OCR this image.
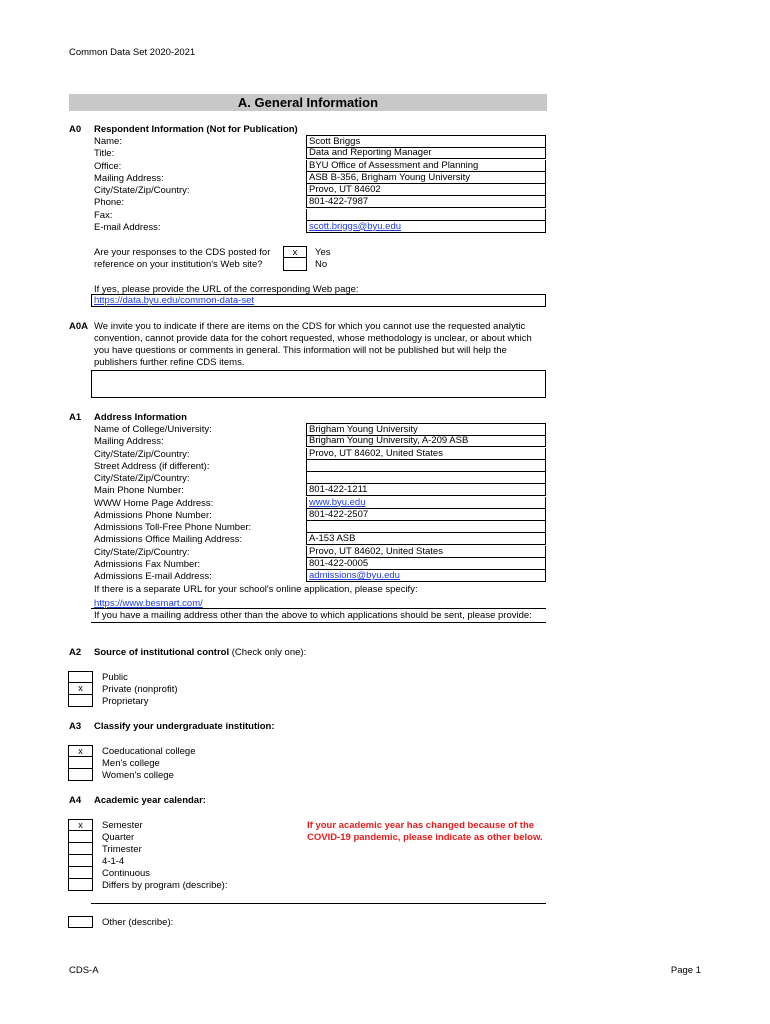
Common Data Set 2020-2021
A. General Information
A0 Respondent Information (Not for Publication)
Name:	Scott Briggs
Title:	Data and Reporting Manager
Office:	BYU Office of Assessment and Planning
Mailing Address:	ASB B-356, Brigham Young University
City/State/Zip/Country:	Provo, UT 84602
Phone:	801-422-7987
Fax:
E-mail Address:	scott.briggs@byu.edu
Are your responses to the CDS posted for
reference on your institution's Web site?
x	Yes
No
If yes, please provide the URL of the corresponding Web page:
https://data.byu.edu/common-data-set
A0A We invite you to indicate if there are items on the CDS for which you cannot use the requested analytic
convention, cannot provide data for the cohort requested, whose methodology is unclear, or about which
you have questions or comments in general. This information will not be published but will help the
publishers further refine CDS items.
A1 Address Information
Name of College/University:	Brigham Young University
Mailing Address:	Brigham Young University, A-209 ASB
City/State/Zip/Country:	Provo, UT 84602, United States
Street Address (if different):
City/State/Zip/Country:
Main Phone Number:	801-422-1211
WWW Home Page Address:	www.byu.edu
Admissions Phone Number:	801-422-2507
Admissions Toll-Free Phone Number:
Admissions Office Mailing Address:	A-153 ASB
City/State/Zip/Country:	Provo, UT 84602, United States
Admissions Fax Number:	801-422-0005
Admissions E-mail Address:	admissions@byu.edu
If there is a separate URL for your school's online application, please specify:
https://www.besmart.com/
If you have a mailing address other than the above to which applications should be sent, please provide:
A2 Source of institutional control (Check only one):
Public
x	Private (nonprofit)
Proprietary
A3 Classify your undergraduate institution:
x	Coeducational college
Men's college
Women's college
A4 Academic year calendar:
x	Semester
Quarter
Trimester
4-1-4
Continuous
Differs by program (describe):
If your academic year has changed because of the
COVID-19 pandemic, please indicate as other below.
Other (describe):
CDS-A	Page 1
